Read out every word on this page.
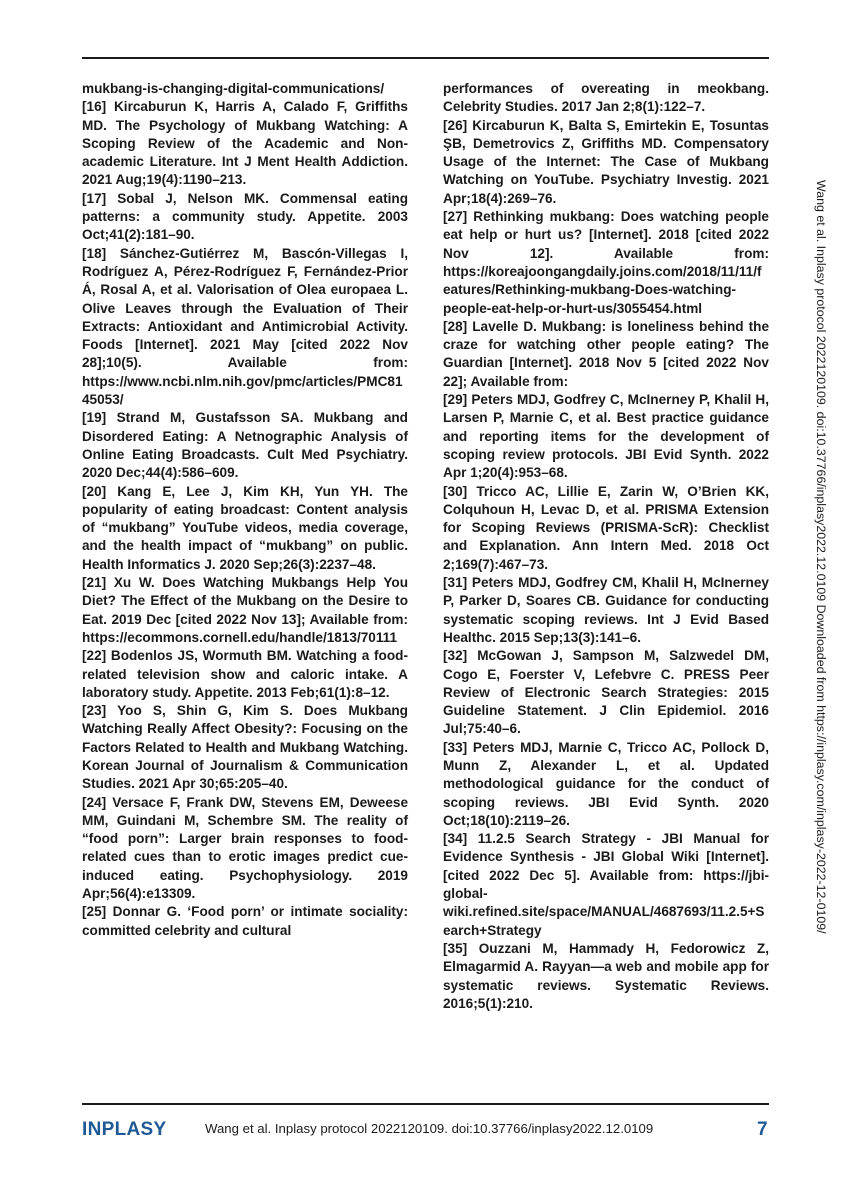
mukbang-is-changing-digital-communications/

[16] Kircaburun K, Harris A, Calado F, Griffiths MD. The Psychology of Mukbang Watching: A Scoping Review of the Academic and Non-academic Literature. Int J Ment Health Addiction. 2021 Aug;19(4):1190–213.

[17] Sobal J, Nelson MK. Commensal eating patterns: a community study. Appetite. 2003 Oct;41(2):181–90.

[18] Sánchez-Gutiérrez M, Bascón-Villegas I, Rodríguez A, Pérez-Rodríguez F, Fernández-Prior Á, Rosal A, et al. Valorisation of Olea europaea L. Olive Leaves through the Evaluation of Their Extracts: Antioxidant and Antimicrobial Activity. Foods [Internet]. 2021 May [cited 2022 Nov 28];10(5). Available from: https://www.ncbi.nlm.nih.gov/pmc/articles/PMC8145053/

[19] Strand M, Gustafsson SA. Mukbang and Disordered Eating: A Netnographic Analysis of Online Eating Broadcasts. Cult Med Psychiatry. 2020 Dec;44(4):586–609.

[20] Kang E, Lee J, Kim KH, Yun YH. The popularity of eating broadcast: Content analysis of “mukbang” YouTube videos, media coverage, and the health impact of “mukbang” on public. Health Informatics J. 2020 Sep;26(3):2237–48.

[21] Xu W. Does Watching Mukbangs Help You Diet? The Effect of the Mukbang on the Desire to Eat. 2019 Dec [cited 2022 Nov 13]; Available from: https://ecommons.cornell.edu/handle/1813/70111

[22] Bodenlos JS, Wormuth BM. Watching a food-related television show and caloric intake. A laboratory study. Appetite. 2013 Feb;61(1):8–12.

[23] Yoo S, Shin G, Kim S. Does Mukbang Watching Really Affect Obesity?: Focusing on the Factors Related to Health and Mukbang Watching. Korean Journal of Journalism & Communication Studies. 2021 Apr 30;65:205–40.

[24] Versace F, Frank DW, Stevens EM, Deweese MM, Guindani M, Schembre SM. The reality of “food porn”: Larger brain responses to food-related cues than to erotic images predict cue-induced eating. Psychophysiology. 2019 Apr;56(4):e13309.

[25] Donnar G. ‘Food porn’ or intimate sociality: committed celebrity and cultural

performances of overeating in meokbang. Celebrity Studies. 2017 Jan 2;8(1):122–7.

[26] Kircaburun K, Balta S, Emirtekin E, Tosuntas ŞB, Demetrovics Z, Griffiths MD. Compensatory Usage of the Internet: The Case of Mukbang Watching on YouTube. Psychiatry Investig. 2021 Apr;18(4):269–76.

[27] Rethinking mukbang: Does watching people eat help or hurt us? [Internet]. 2018 [cited 2022 Nov 12]. Available from: https://koreajoongangdaily.joins.com/2018/11/11/features/Rethinking-mukbang-Does-watching-people-eat-help-or-hurt-us/3055454.html

[28] Lavelle D. Mukbang: is loneliness behind the craze for watching other people eating? The Guardian [Internet]. 2018 Nov 5 [cited 2022 Nov 22]; Available from:

[29] Peters MDJ, Godfrey C, McInerney P, Khalil H, Larsen P, Marnie C, et al. Best practice guidance and reporting items for the development of scoping review protocols. JBI Evid Synth. 2022 Apr 1;20(4):953–68.

[30] Tricco AC, Lillie E, Zarin W, O’Brien KK, Colquhoun H, Levac D, et al. PRISMA Extension for Scoping Reviews (PRISMA-ScR): Checklist and Explanation. Ann Intern Med. 2018 Oct 2;169(7):467–73.

[31] Peters MDJ, Godfrey CM, Khalil H, McInerney P, Parker D, Soares CB. Guidance for conducting systematic scoping reviews. Int J Evid Based Healthc. 2015 Sep;13(3):141–6.

[32] McGowan J, Sampson M, Salzwedel DM, Cogo E, Foerster V, Lefebvre C. PRESS Peer Review of Electronic Search Strategies: 2015 Guideline Statement. J Clin Epidemiol. 2016 Jul;75:40–6.

[33] Peters MDJ, Marnie C, Tricco AC, Pollock D, Munn Z, Alexander L, et al. Updated methodological guidance for the conduct of scoping reviews. JBI Evid Synth. 2020 Oct;18(10):2119–26.

[34] 11.2.5 Search Strategy - JBI Manual for Evidence Synthesis - JBI Global Wiki [Internet]. [cited 2022 Dec 5]. Available from: https://jbi-global-wiki.refined.site/space/MANUAL/4687693/11.2.5+Search+Strategy

[35] Ouzzani M, Hammady H, Fedorowicz Z, Elmagarmid A. Rayyan—a web and mobile app for systematic reviews. Systematic Reviews. 2016;5(1):210.

Wang et al. Inplasy protocol 2022120109. doi:10.37766/inplasy2022.12.0109 Downloaded from https://inplasy.com/inplasy-2022-12-0109/
INPLASY	Wang et al. Inplasy protocol 2022120109. doi:10.37766/inplasy2022.12.0109	7
